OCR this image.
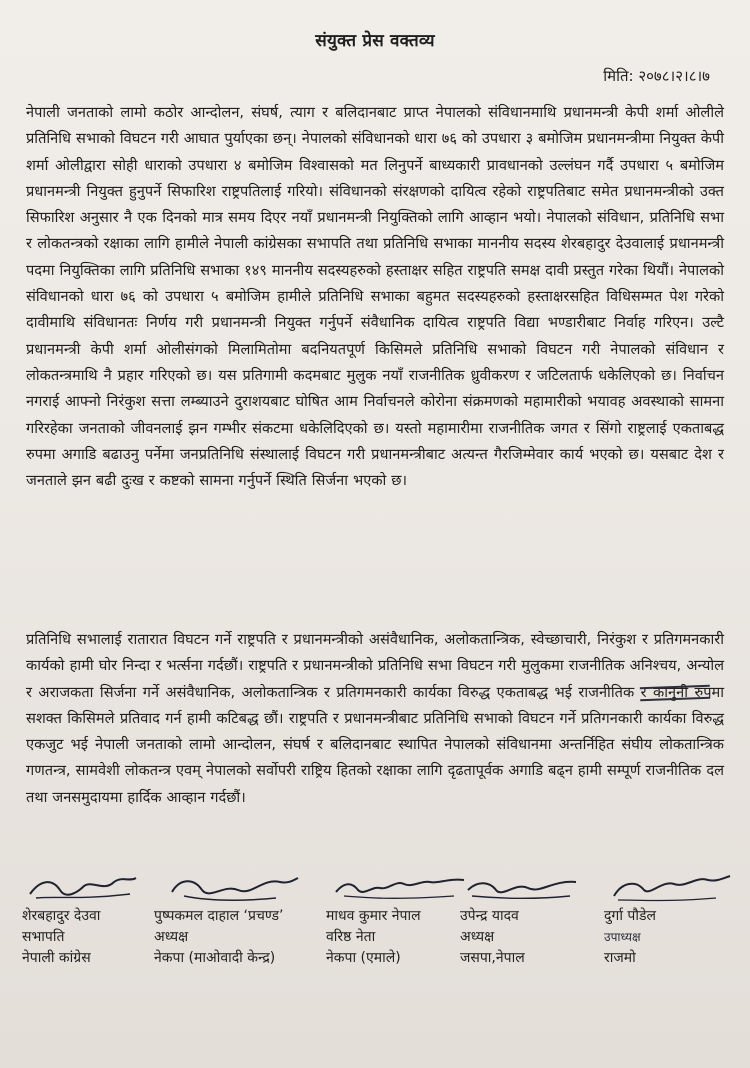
संयुक्त प्रेस वक्तव्य
मिति: २०७८।२।८।७
नेपाली जनताको लामो कठोर आन्दोलन, संघर्ष, त्याग र बलिदानबाट प्राप्त नेपालको संविधानमाथि प्रधानमन्त्री केपी शर्मा ओलीले प्रतिनिधि सभाको विघटन गरी आघात पुर्याएका छन्। नेपालको संविधानको धारा ७६ को उपधारा ३ बमोजिम प्रधानमन्त्रीमा नियुक्त केपी शर्मा ओलीद्वारा सोही धाराको उपधारा ४ बमोजिम विश्वासको मत लिनुपर्ने बाध्यकारी प्रावधानको उल्लंघन गर्दै उपधारा ५ बमोजिम प्रधानमन्त्री नियुक्त हुनुपर्ने सिफारिश राष्ट्रपतिलाई गरियो। संविधानको संरक्षणको दायित्व रहेको राष्ट्रपतिबाट समेत प्रधानमन्त्रीको उक्त सिफारिश अनुसार नै एक दिनको मात्र समय दिएर नयाँ प्रधानमन्त्री नियुक्तिको लागि आव्हान भयो। नेपालको संविधान, प्रतिनिधि सभा र लोकतन्त्रको रक्षाका लागि हामीले नेपाली कांग्रेसका सभापति तथा प्रतिनिधि सभाका माननीय सदस्य शेरबहादुर देउवालाई प्रधानमन्त्री पदमा नियुक्तिका लागि प्रतिनिधि सभाका १४९ माननीय सदस्यहरुको हस्ताक्षर सहित राष्ट्रपति समक्ष दावी प्रस्तुत गरेका थियौं। नेपालको संविधानको धारा ७६ को उपधारा ५ बमोजिम हामीले प्रतिनिधि सभाका बहुमत सदस्यहरुको हस्ताक्षरसहित विधिसम्मत पेश गरेको दावीमाथि संविधानतः निर्णय गरी प्रधानमन्त्री नियुक्त गर्नुपर्ने संवैधानिक दायित्व राष्ट्रपति विद्या भण्डारीबाट निर्वाह गरिएन। उल्टै प्रधानमन्त्री केपी शर्मा ओलीसंगको मिलामितोमा बदनियतपूर्ण किसिमले प्रतिनिधि सभाको विघटन गरी नेपालको संविधान र लोकतन्त्रमाथि नै प्रहार गरिएको छ। यस प्रतिगामी कदमबाट मुलुक नयाँ राजनीतिक ध्रुवीकरण र जटिलतार्फ धकेलिएको छ। निर्वाचन नगराई आफ्नो निरंकुश सत्ता लम्ब्याउने दुराशयबाट घोषित आम निर्वाचनले कोरोना संक्रमणको महामारीको भयावह अवस्थाको सामना गरिरहेका जनताको जीवनलाई झन गम्भीर संकटमा धकेलिदिएको छ। यस्तो महामारीमा राजनीतिक जगत र सिंगो राष्ट्रलाई एकताबद्ध रुपमा अगाडि बढाउनु पर्नेमा जनप्रतिनिधि संस्थालाई विघटन गरी प्रधानमन्त्रीबाट अत्यन्त गैरजिम्मेवार कार्य भएको छ। यसबाट देश र जनताले झन बढी दुःख र कष्टको सामना गर्नुपर्ने स्थिति सिर्जना भएको छ।
प्रतिनिधि सभालाई रातारात विघटन गर्ने राष्ट्रपति र प्रधानमन्त्रीको असंवैधानिक, अलोकतान्त्रिक, स्वेच्छाचारी, निरंकुश र प्रतिगमनकारी कार्यको हामी घोर निन्दा र भर्त्सना गर्दछौं। राष्ट्रपति र प्रधानमन्त्रीको प्रतिनिधि सभा विघटन गरी मुलुकमा राजनीतिक अनिश्चय, अन्योल र अराजकता सिर्जना गर्ने असंवैधानिक, अलोकतान्त्रिक र प्रतिगमनकारी कार्यका विरुद्ध एकताबद्ध भई राजनीतिक र कानुनी रुपमा सशक्त किसिमले प्रतिवाद गर्न हामी कटिबद्ध छौं। राष्ट्रपति र प्रधानमन्त्रीबाट प्रतिनिधि सभाको विघटन गर्ने प्रतिगनकारी कार्यका विरुद्ध एकजुट भई नेपाली जनताको लामो आन्दोलन, संघर्ष र बलिदानबाट स्थापित नेपालको संविधानमा अन्तर्निहित संघीय लोकतान्त्रिक गणतन्त्र, सामवेशी लोकतन्त्र एवम् नेपालको सर्वोपरी राष्ट्रिय हितको रक्षाका लागि दृढतापूर्वक अगाडि बढ्न हामी सम्पूर्ण राजनीतिक दल तथा जनसमुदायमा हार्दिक आव्हान गर्दछौं।
शेरबहादुर देउवा
सभापति
नेपाली कांग्रेस
पुष्पकमल दाहाल ‘प्रचण्ड’
अध्यक्ष
नेकपा (माओवादी केन्द्र)
माधव कुमार नेपाल
वरिष्ठ नेता
नेकपा (एमाले)
उपेन्द्र यादव
अध्यक्ष
जसपा,नेपाल
दुर्गा पौडेल
उपाध्यक्ष
राजमो
